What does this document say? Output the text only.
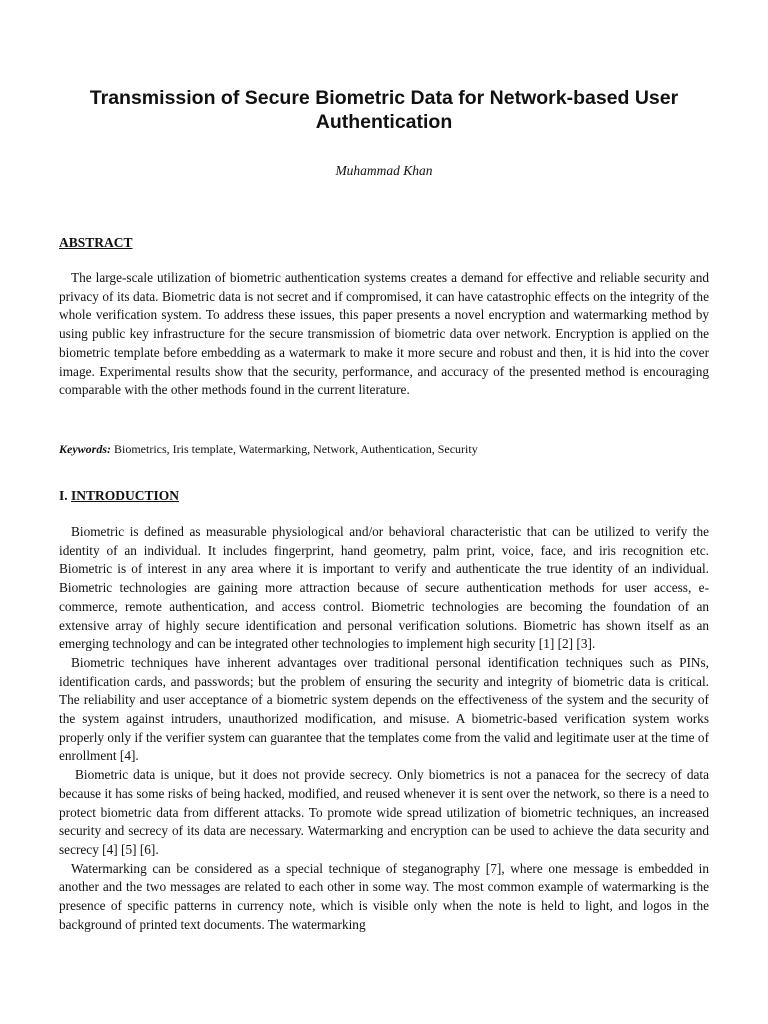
Transmission of Secure Biometric Data for Network-based User Authentication
Muhammad Khan
ABSTRACT
The large-scale utilization of biometric authentication systems creates a demand for effective and reliable security and privacy of its data. Biometric data is not secret and if compromised, it can have catastrophic effects on the integrity of the whole verification system. To address these issues, this paper presents a novel encryption and watermarking method by using public key infrastructure for the secure transmission of biometric data over network. Encryption is applied on the biometric template before embedding as a watermark to make it more secure and robust and then, it is hid into the cover image. Experimental results show that the security, performance, and accuracy of the presented method is encouraging comparable with the other methods found in the current literature.
Keywords: Biometrics, Iris template, Watermarking, Network, Authentication, Security
I. INTRODUCTION

Biometric is defined as measurable physiological and/or behavioral characteristic that can be utilized to verify the identity of an individual. It includes fingerprint, hand geometry, palm print, voice, face, and iris recognition etc. Biometric is of interest in any area where it is important to verify and authenticate the true identity of an individual. Biometric technologies are gaining more attraction because of secure authentication methods for user access, e-commerce, remote authentication, and access control. Biometric technologies are becoming the foundation of an extensive array of highly secure identification and personal verification solutions. Biometric has shown itself as an emerging technology and can be integrated other technologies to implement high security [1] [2] [3].

Biometric techniques have inherent advantages over traditional personal identification techniques such as PINs, identification cards, and passwords; but the problem of ensuring the security and integrity of biometric data is critical. The reliability and user acceptance of a biometric system depends on the effectiveness of the system and the security of the system against intruders, unauthorized modification, and misuse. A biometric-based verification system works properly only if the verifier system can guarantee that the templates come from the valid and legitimate user at the time of enrollment [4].

Biometric data is unique, but it does not provide secrecy. Only biometrics is not a panacea for the secrecy of data because it has some risks of being hacked, modified, and reused whenever it is sent over the network, so there is a need to protect biometric data from different attacks. To promote wide spread utilization of biometric techniques, an increased security and secrecy of its data are necessary. Watermarking and encryption can be used to achieve the data security and secrecy [4] [5] [6].

Watermarking can be considered as a special technique of steganography [7], where one message is embedded in another and the two messages are related to each other in some way. The most common example of watermarking is the presence of specific patterns in currency note, which is visible only when the note is held to light, and logos in the background of printed text documents. The watermarking
